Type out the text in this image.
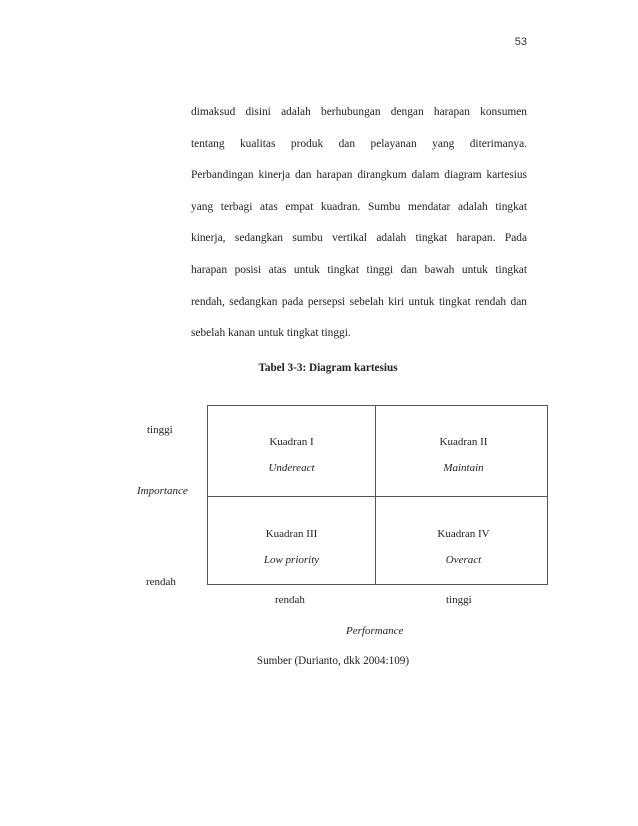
53
dimaksud disini adalah berhubungan dengan harapan konsumen
tentang kualitas produk dan pelayanan yang diterimanya.
Perbandingan kinerja dan harapan dirangkum dalam diagram kartesius
yang terbagi atas empat kuadran. Sumbu mendatar adalah tingkat
kinerja, sedangkan sumbu vertikal adalah tingkat harapan. Pada
harapan posisi atas untuk tingkat tinggi dan bawah untuk tingkat
rendah, sedangkan pada persepsi sebelah kiri untuk tingkat rendah dan
sebelah kanan untuk tingkat tinggi.
Tabel 3-3: Diagram kartesius
tinggi
Importance
rendah
Kuadran I
Undereact
Kuadran II
Maintain
Kuadran III
Low priority
Kuadran IV
Overact
rendah	tinggi
Performance
Sumber (Durianto, dkk 2004:109)
